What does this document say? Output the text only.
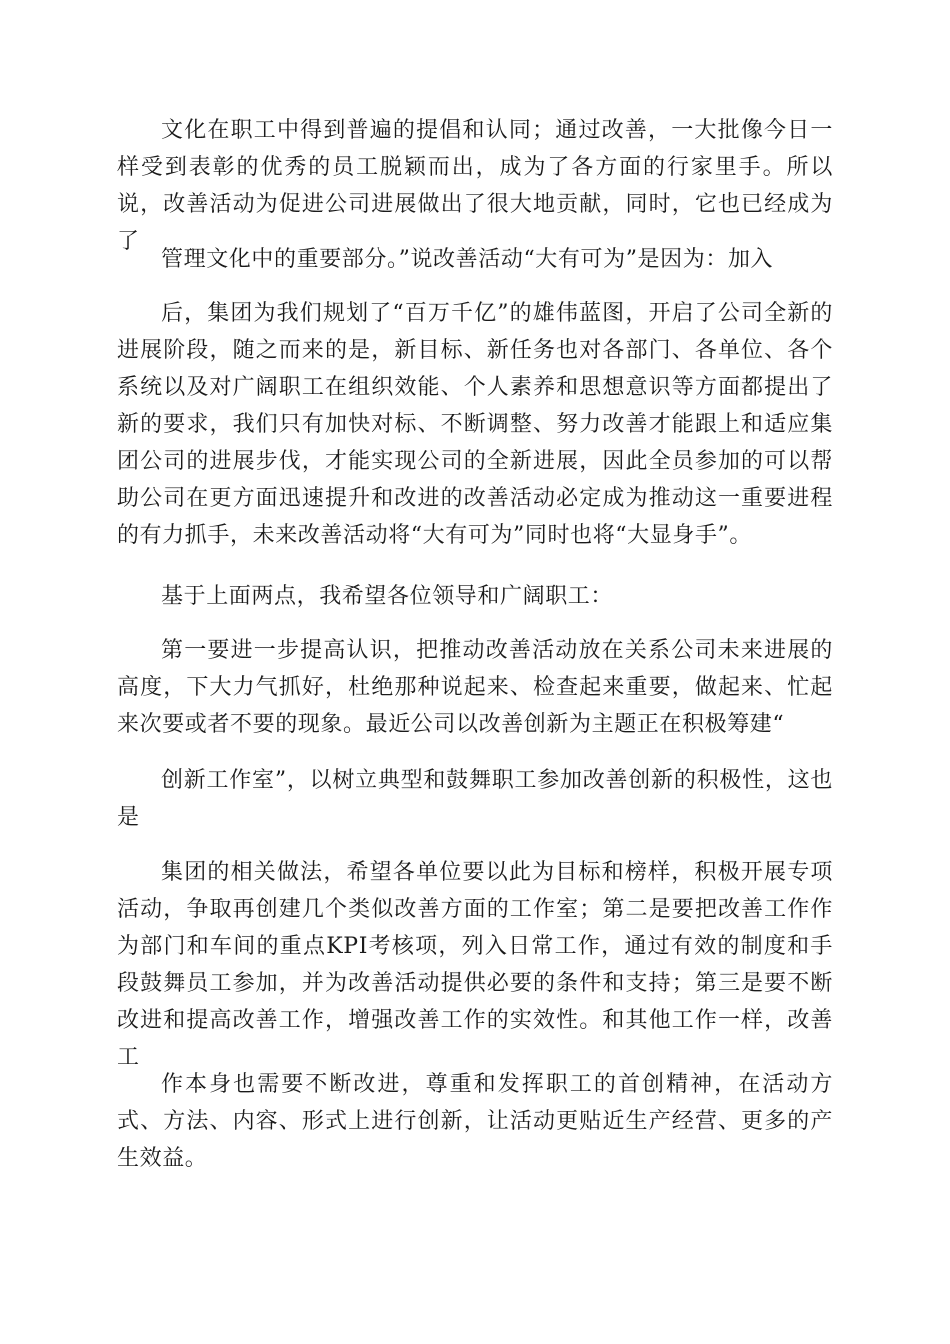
文化在职工中得到普遍的提倡和认同；通过改善，一大批像今日一样受到表彰的优秀的员工脱颖而出，成为了各方面的行家里手。所以说，改善活动为促进公司进展做出了很大地贡献，同时，它也已经成为了

管理文化中的重要部分。”说改善活动“大有可为”是因为：加入

后，集团为我们规划了“百万千亿”的雄伟蓝图，开启了公司全新的进展阶段，随之而来的是，新目标、新任务也对各部门、各单位、各个系统以及对广阔职工在组织效能、个人素养和思想意识等方面都提出了新的要求，我们只有加快对标、不断调整、努力改善才能跟上和适应集团公司的进展步伐，才能实现公司的全新进展，因此全员参加的可以帮助公司在更方面迅速提升和改进的改善活动必定成为推动这一重要进程的有力抓手，未来改善活动将“大有可为”同时也将“大显身手”。

基于上面两点，我希望各位领导和广阔职工：

第一要进一步提高认识，把推动改善活动放在关系公司未来进展的高度，下大力气抓好，杜绝那种说起来、检查起来重要，做起来、忙起来次要或者不要的现象。最近公司以改善创新为主题正在积极筹建“

创新工作室”，以树立典型和鼓舞职工参加改善创新的积极性，这也是

集团的相关做法，希望各单位要以此为目标和榜样，积极开展专项活动，争取再创建几个类似改善方面的工作室；第二是要把改善工作作为部门和车间的重点KPI考核项，列入日常工作，通过有效的制度和手段鼓舞员工参加，并为改善活动提供必要的条件和支持；第三是要不断改进和提高改善工作，增强改善工作的实效性。和其他工作一样，改善工

作本身也需要不断改进，尊重和发挥职工的首创精神，在活动方式、方法、内容、形式上进行创新，让活动更贴近生产经营、更多的产生效益。
